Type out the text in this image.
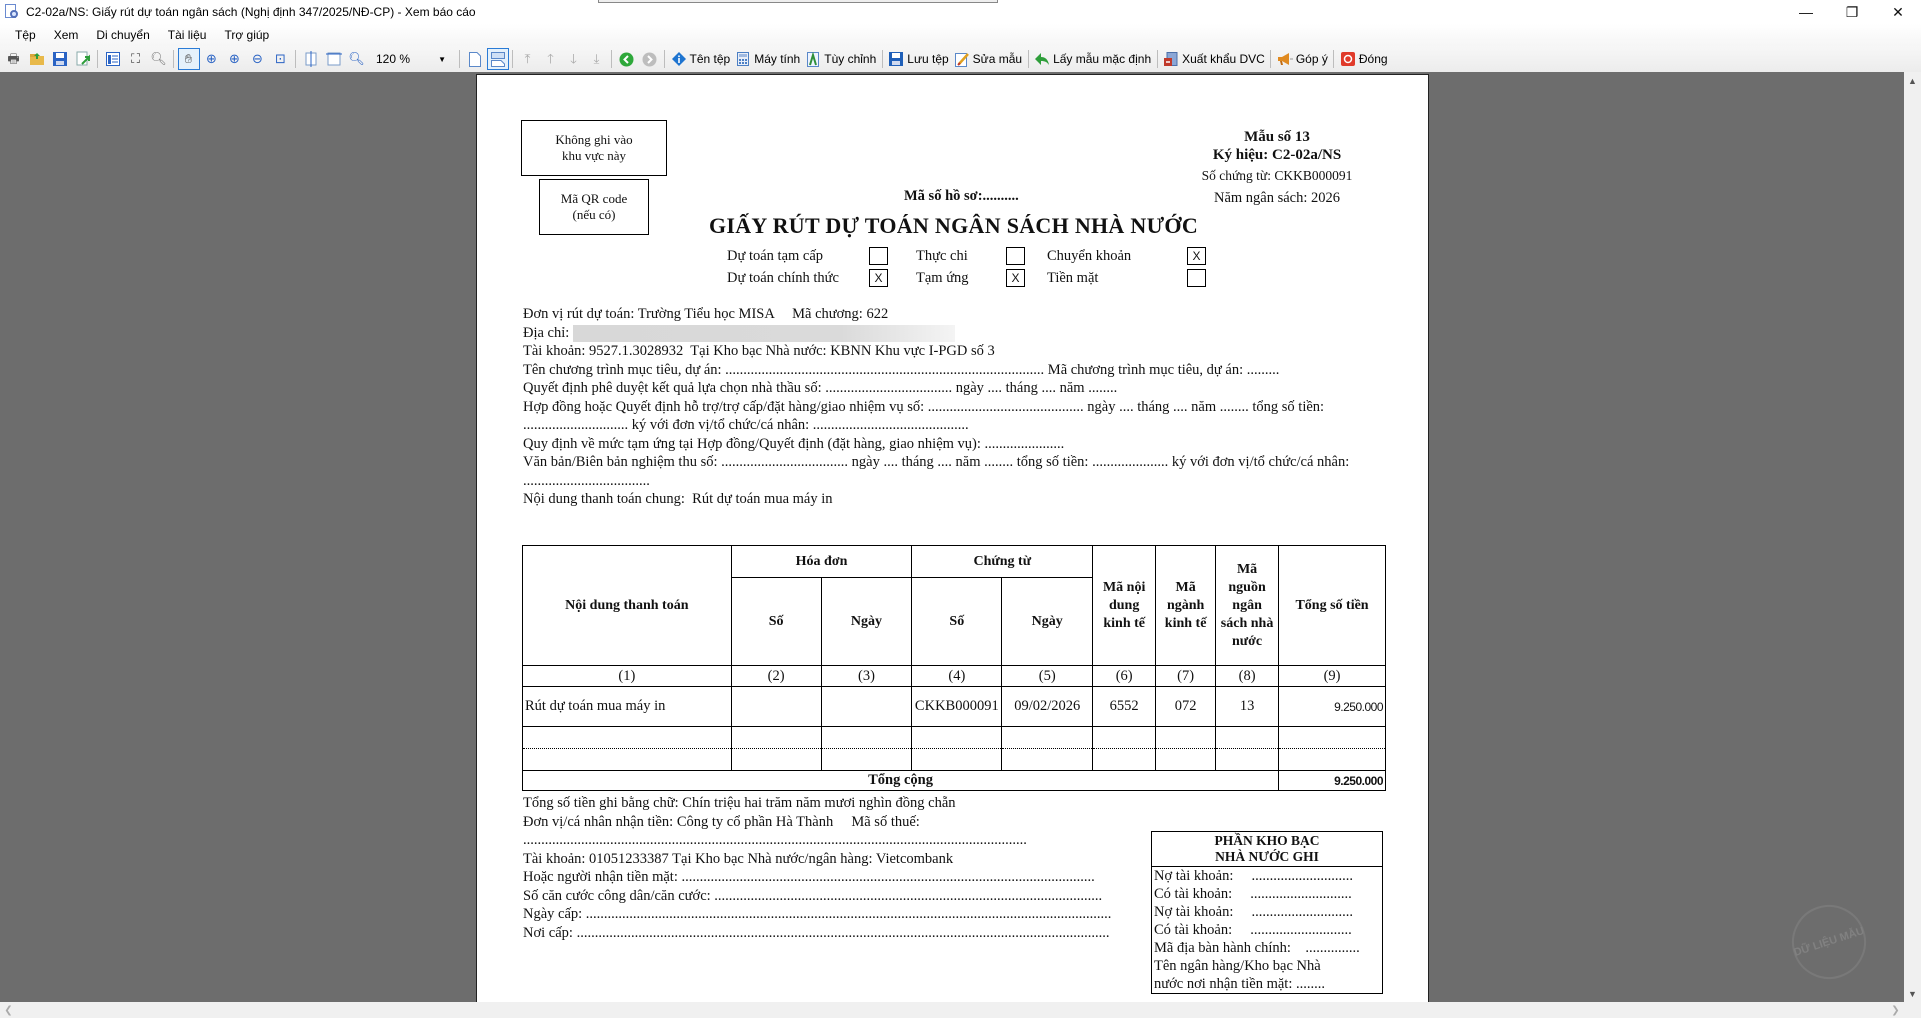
C2-02a/NS: Giấy rút dự toán ngân sách (Nghị định 347/2025/NĐ-CP) - Xem báo cáo	—	❐	✕
Tệp	Xem	Di chuyển	Tài liệu	Trợ giúp
🖶	⛶ 🔍︎	✋︎	⊕ ⊕ ⊖ ⊡	🔍︎ 120 %	▼	⤒	🡑	🡓	⤓	Tên tệp Máy tính Tùy chỉnh	Lưu tệp Sửa mẫu	Lấy mẫu mặc định	Xuất khẩu DVC	Góp ý	Đóng
Không ghi vào khu vực này
Mã QR code
(nếu có)
Mẫu số 13
Ký hiệu: C2-02a/NS
Số chứng từ: CKKB000091
Năm ngân sách: 2026
Mã số hồ sơ:..........
GIẤY RÚT DỰ TOÁN NGÂN SÁCH NHÀ NƯỚC
Dự toán tạm cấp	Thực chi	Chuyển khoản	X
Dự toán chính thức	X	Tạm ứng	X	Tiền mặt
Đơn vị rút dự toán: Trường Tiểu học MISA     Mã chương: 622
Địa chỉ:
Tài khoản: 9527.1.3028932  Tại Kho bạc Nhà nước: KBNN Khu vực I-PGD số 3
Tên chương trình mục tiêu, dự án: ........................................................................................ Mã chương trình mục tiêu, dự án: .........
Quyết định phê duyệt kết quả lựa chọn nhà thầu số: ................................... ngày .... tháng .... năm ........
Hợp đồng hoặc Quyết định hỗ trợ/trợ cấp/đặt hàng/giao nhiệm vụ số: ........................................... ngày .... tháng .... năm ........ tổng số tiền: ............................. ký với đơn vị/tổ chức/cá nhân: ...........................................
Quy định về mức tạm ứng tại Hợp đồng/Quyết định (đặt hàng, giao nhiệm vụ): ......................
Văn bản/Biên bản nghiệm thu số: ................................... ngày .... tháng .... năm ........ tổng số tiền: ..................... ký với đơn vị/tổ chức/cá nhân: ...................................
Nội dung thanh toán chung:  Rút dự toán mua máy in
Nội dung thanh toán	Hóa đơn		Chứng từ		Mã nội dung kinh tế	Mã ngành kinh tế	Mã nguồn ngân sách nhà nước	Tổng số tiền
	Số	Ngày	Số	Ngày				
(1)	(2)	(3)	(4)	(5)	(6)	(7)	(8)	(9)
Rút dự toán mua máy in			CKKB000091	09/02/2026	6552	072	13	9.250.000

Tổng cộng								9.250.000
Tổng số tiền ghi bằng chữ: Chín triệu hai trăm năm mươi nghìn đồng chẵn
Đơn vị/cá nhân nhận tiền: Công ty cổ phần Hà Thành     Mã số thuế:
...........................................................................................................................................
Tài khoản: 01051233387 Tại Kho bạc Nhà nước/ngân hàng: Vietcombank
Hoặc người nhận tiền mặt: ..................................................................................................................
Số căn cước công dân/căn cước: ...........................................................................................................
Ngày cấp: .................................................................................................................................................
Nơi cấp: ...................................................................................................................................................
PHẦN KHO BẠC
NHÀ NƯỚC GHI
Nợ tài khoản:     ............................
Có tài khoản:     ............................
Nợ tài khoản:     ............................
Có tài khoản:     ............................
Mã địa bàn hành chính:    ...............
Tên ngân hàng/Kho bạc Nhà
nước nơi nhận tiền mặt: ........
DỮ LIỆU MẪU
▲
▼
❮	❯
